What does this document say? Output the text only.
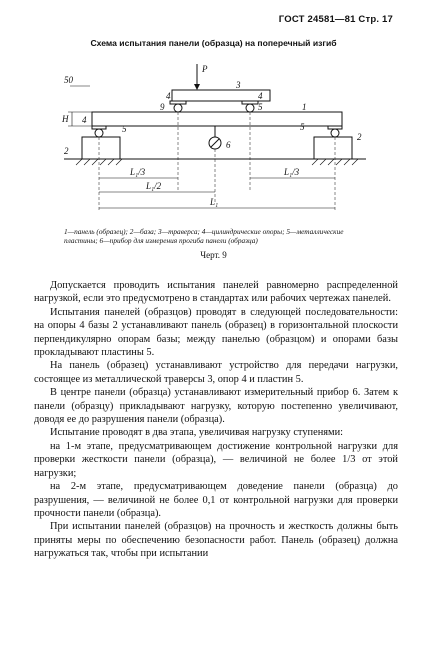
ГОСТ 24581—81 Стр. 17
Схема испытания панели (образца) на поперечный изгиб
P
3
4	4
9	5	1
50
H 4
5	5
2
2
6
L₁/3	L₁/3
L₁/2
L₁
1—панель (образец); 2—база; 3—траверса; 4—цилиндрические опоры; 5—металлические пластины; 6—прибор для измерения прогиба панели (образца)
Черт. 9

Допускается проводить испытания панелей равномерно распределенной нагрузкой, если это предусмотрено в стандартах или рабочих чертежах панелей.

Испытания панелей (образцов) проводят в следующей последовательности: на опоры 4 базы 2 устанавливают панель (образец) в горизонтальной плоскости перпендикулярно опорам базы; между панелью (образцом) и опорами базы прокладывают пластины 5.

На панель (образец) устанавливают устройство для передачи нагрузки, состоящее из металлической траверсы 3, опор 4 и пластин 5.

В центре панели (образца) устанавливают измерительный прибор 6. Затем к панели (образцу) прикладывают нагрузку, которую постепенно увеличивают, доводя ее до разрушения панели (образца).

Испытание проводят в два этапа, увеличивая нагрузку ступенями:

на 1-м этапе, предусматривающем достижение контрольной нагрузки для проверки жесткости панели (образца), — величиной не более 1/3 от этой нагрузки;

на 2-м этапе, предусматривающем доведение панели (образца) до разрушения, — величиной не более 0,1 от контрольной нагрузки для проверки прочности панели (образца).

При испытании панелей (образцов) на прочность и жесткость должны быть приняты меры по обеспечению безопасности работ. Панель (образец) должна нагружаться так, чтобы при испытании
